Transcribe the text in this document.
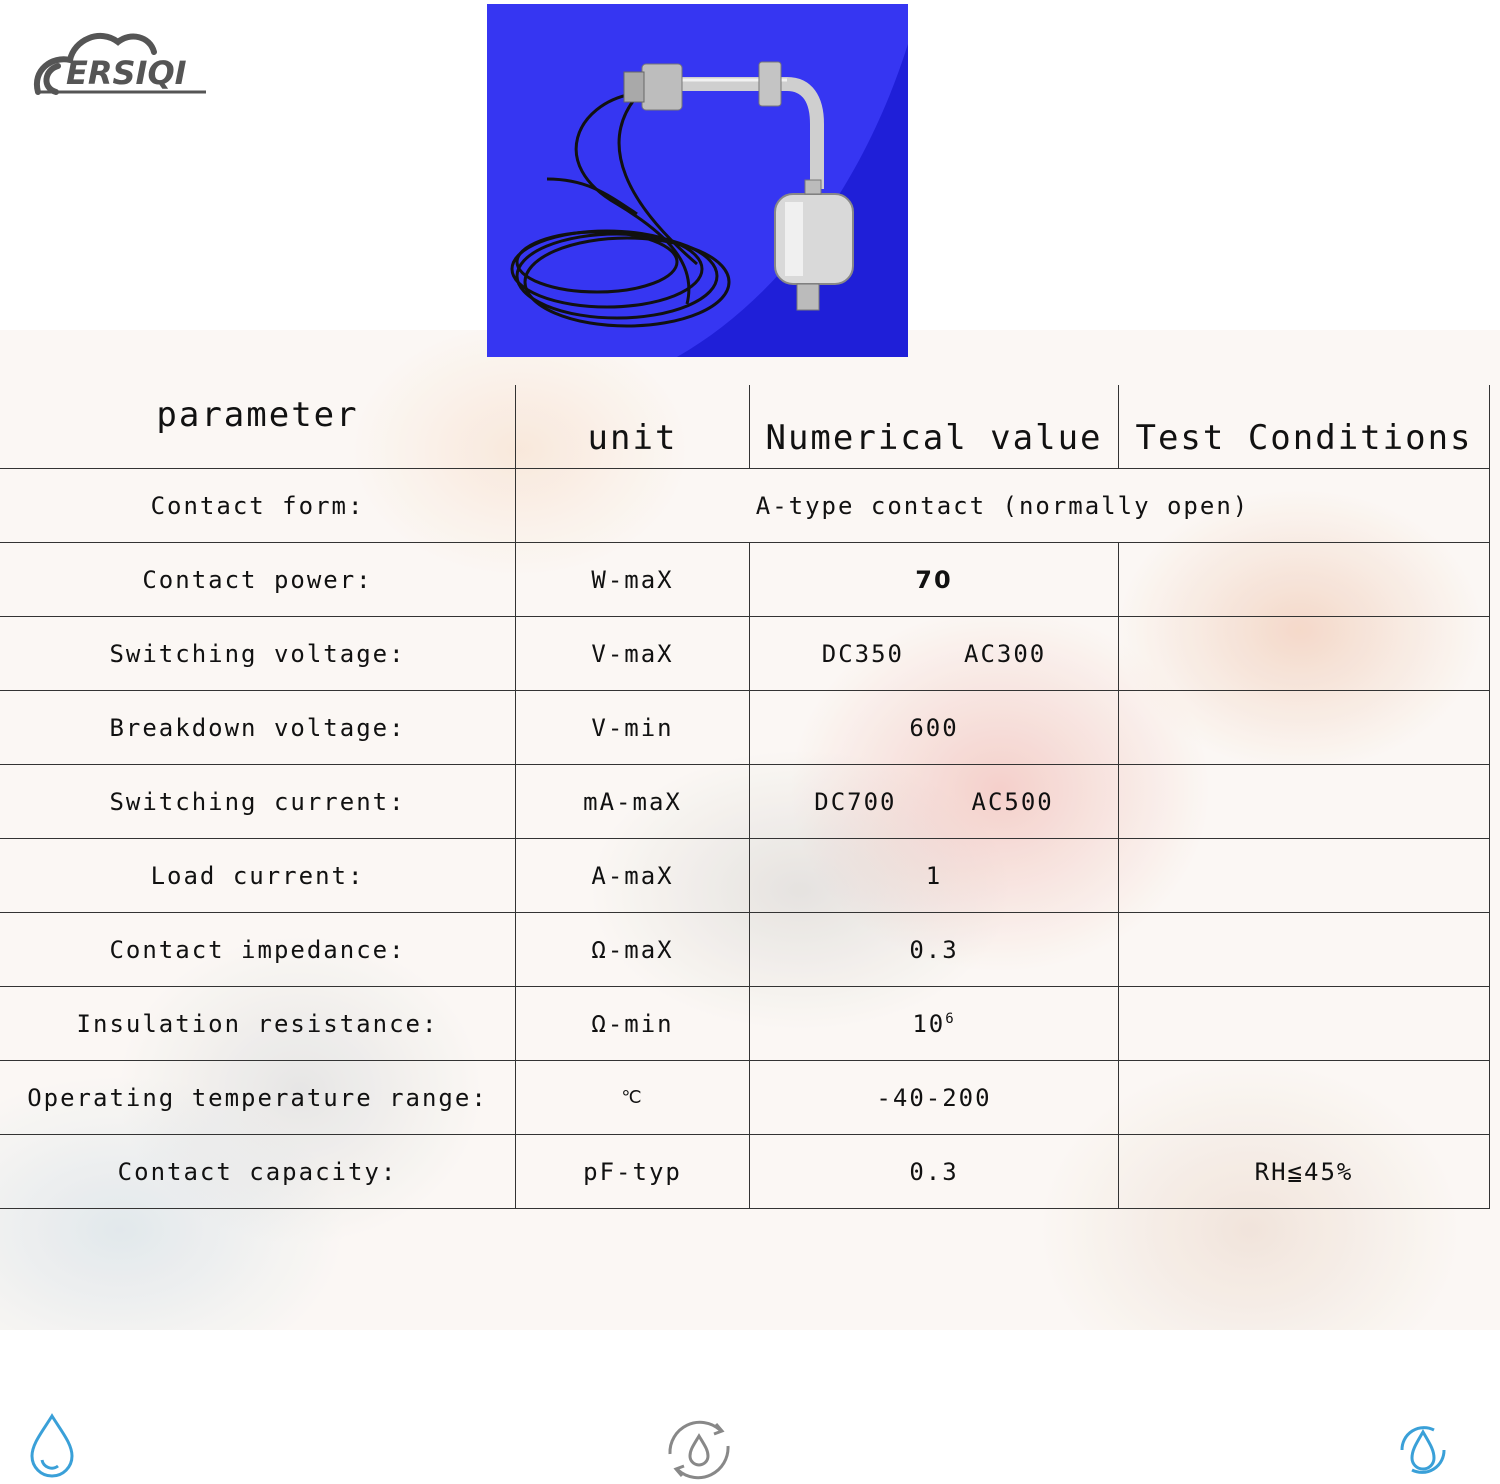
ERSIQI
parameter	unit	Numerical value	Test Conditions
Contact form:	A-type contact (normally open)		
Contact power:	W-maX	70	
Switching voltage:	V-maX	DC350 AC300	
Breakdown voltage:	V-min	600	
Switching current:	mA-maX	DC700 AC500	
Load current:	A-maX	1	
Contact impedance:	Ω-maX	0.3	
Insulation resistance:	Ω-min	$10^6$	
Operating temperature range:	℃	-40-200	
Contact capacity:	pF-typ	0.3	RH≦45%
